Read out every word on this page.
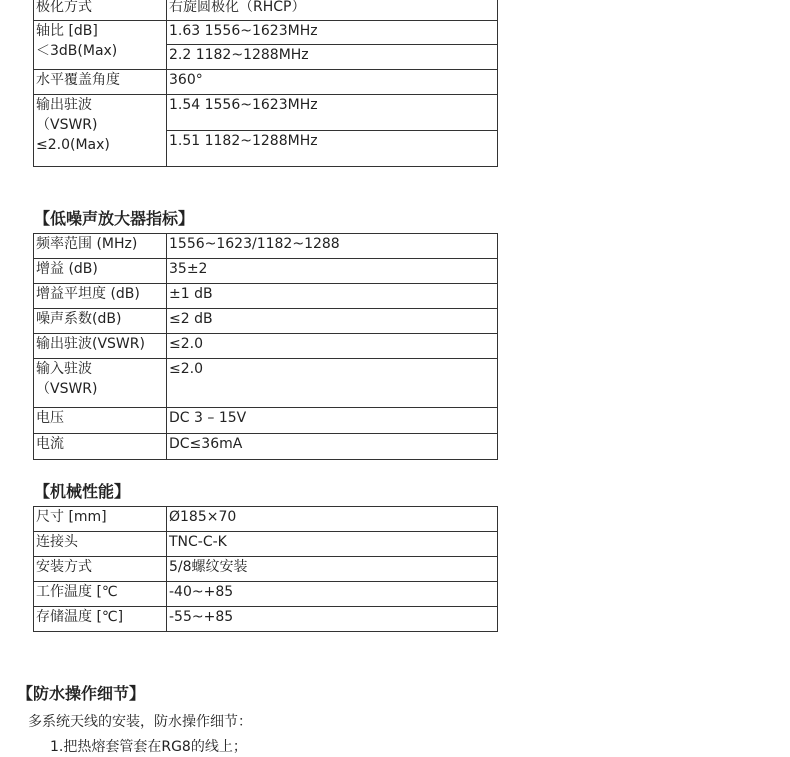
极化方式	右旋圆极化（RHCP）
轴比 [dB]
＜3dB(Max)	1.63 1556~1623MHz
	2.2 1182~1288MHz
水平覆盖角度	360°
输出驻波
（VSWR)
≤2.0(Max)	1.54 1556~1623MHz
	1.51 1182~1288MHz
【低噪声放大器指标】
频率范围 (MHz)	1556~1623/1182~1288
增益 (dB)	35±2
增益平坦度 (dB)	±1 dB
噪声系数(dB)	≤2 dB
输出驻波(VSWR)	≤2.0
输入驻波
（VSWR)	≤2.0
电压	DC 3 – 15V
电流	DC≤36mA
【机械性能】
尺寸 [mm]	Ø185×70
连接头	TNC-C-K
安装方式	5/8螺纹安装
工作温度 [℃	-40~+85
存储温度 [℃]	-55~+85
【防水操作细节】
多系统天线的安装，防水操作细节：
1.把热熔套管套在RG8的线上；
